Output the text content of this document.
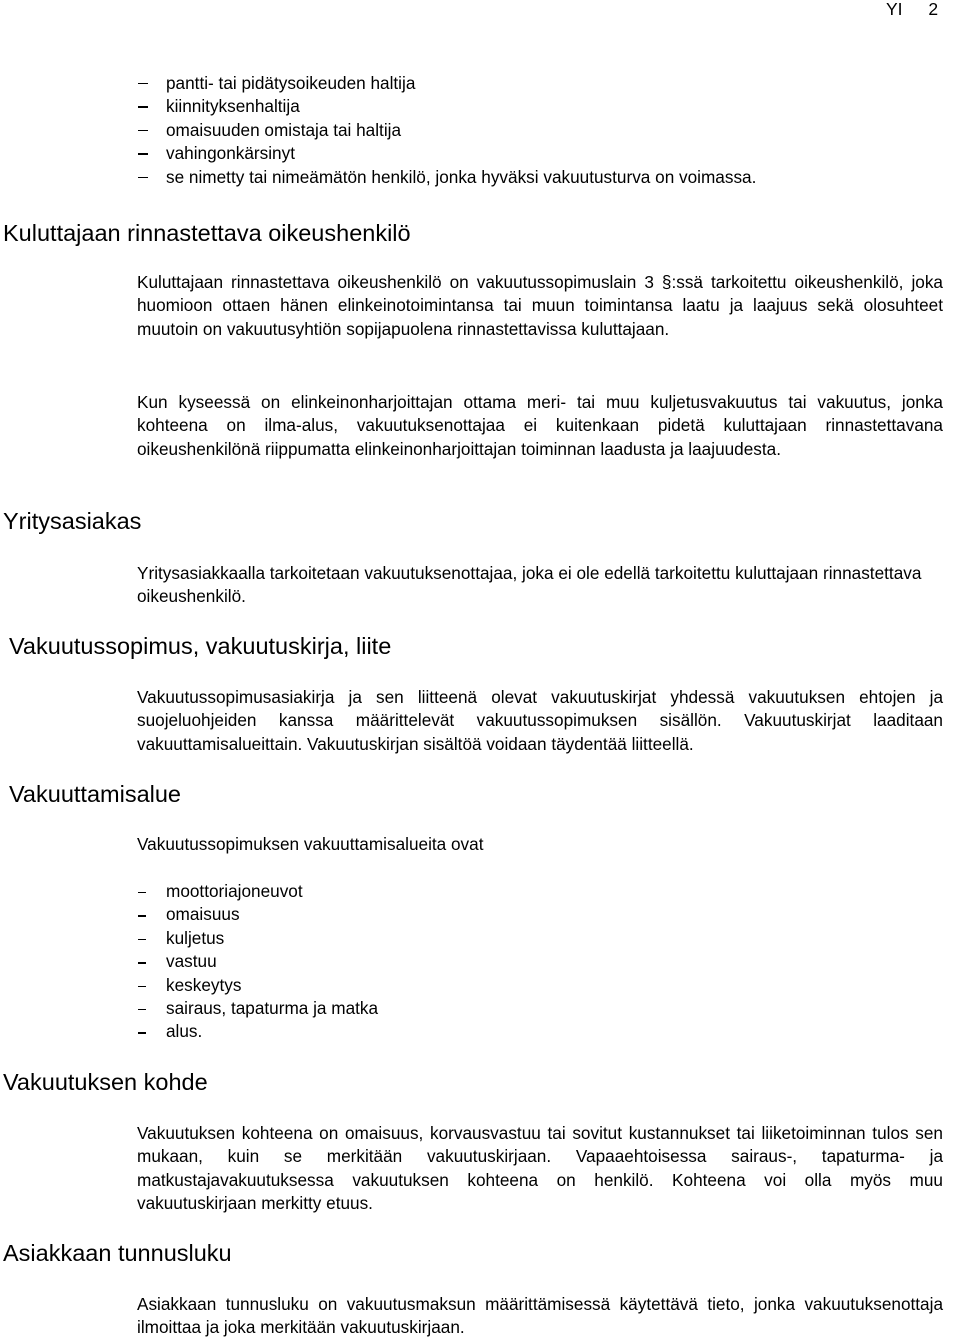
YI 2
pantti- tai pidätysoikeuden haltija
kiinnityksenhaltija
omaisuuden omistaja tai haltija
vahingonkärsinyt
se nimetty tai nimeämätön henkilö, jonka hyväksi vakuutusturva on voimassa.
Kuluttajaan rinnastettava oikeushenkilö

Kuluttajaan rinnastettava oikeushenkilö on vakuutussopimuslain 3 §:ssä tarkoitettu oikeushenkilö, joka huomioon ottaen hänen elinkeinotoimintansa tai muun toimintansa laatu ja laajuus sekä olosuhteet muutoin on vakuutusyhtiön sopijapuolena rinnastettavissa kuluttajaan.

Kun kyseessä on elinkeinonharjoittajan ottama meri- tai muu kuljetusvakuutus tai vakuutus, jonka kohteena on ilma-alus, vakuutuksenottajaa ei kuitenkaan pidetä kuluttajaan rinnastettavana oikeushenkilönä riippumatta elinkeinonharjoittajan toiminnan laadusta ja laajuudesta.

Yritysasiakas

Yritysasiakkaalla tarkoitetaan vakuutuksenottajaa, joka ei ole edellä tarkoitettu kuluttajaan rinnastettava oikeushenkilö.

Vakuutussopimus, vakuutuskirja, liite

Vakuutussopimusasiakirja ja sen liitteenä olevat vakuutuskirjat yhdessä vakuutuksen ehtojen ja suojeluohjeiden kanssa määrittelevät vakuutussopimuksen sisällön. Vakuutuskirjat laaditaan vakuuttamisalueittain. Vakuutuskirjan sisältöä voidaan täydentää liitteellä.

Vakuuttamisalue

Vakuutussopimuksen vakuuttamisalueita ovat

moottoriajoneuvot
omaisuus
kuljetus
vastuu
keskeytys
sairaus, tapaturma ja matka
alus.
Vakuutuksen kohde

Vakuutuksen kohteena on omaisuus, korvausvastuu tai sovitut kustannukset tai liiketoiminnan tulos sen mukaan, kuin se merkitään vakuutuskirjaan. Vapaaehtoisessa sairaus-, tapaturma- ja matkustajavakuutuksessa vakuutuksen kohteena on henkilö. Kohteena voi olla myös muu vakuutuskirjaan merkitty etuus.

Asiakkaan tunnusluku

Asiakkaan tunnusluku on vakuutusmaksun määrittämisessä käytettävä tieto, jonka vakuutuksenottaja ilmoittaa ja joka merkitään vakuutuskirjaan.
